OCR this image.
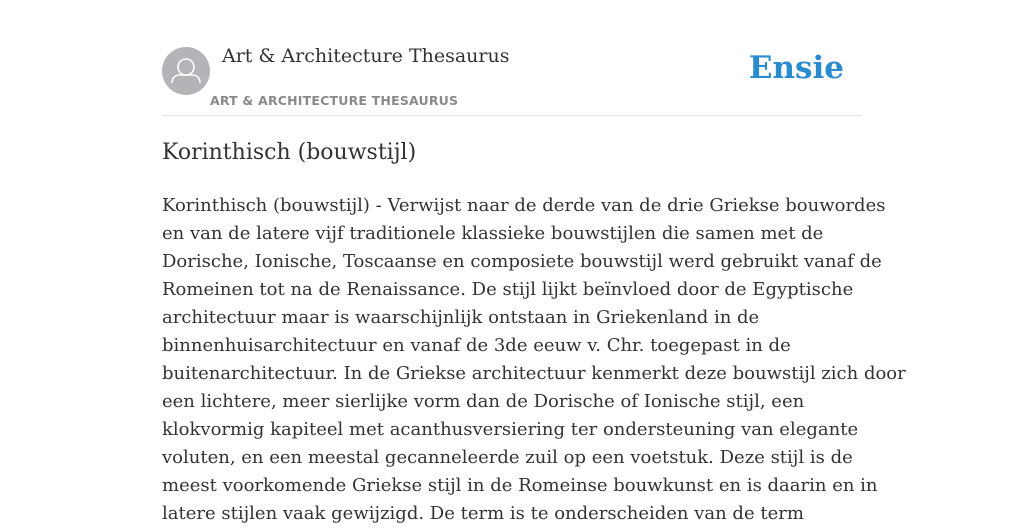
Art & Architecture Thesaurus
ART & ARCHITECTURE THESAURUS
Ensie
Korinthisch (bouwstijl)
Korinthisch (bouwstijl) - Verwijst naar de derde van de drie Griekse bouwordes
en van de latere vijf traditionele klassieke bouwstijlen die samen met de
Dorische, Ionische, Toscaanse en composiete bouwstijl werd gebruikt vanaf de
Romeinen tot na de Renaissance. De stijl lijkt beïnvloed door de Egyptische
architectuur maar is waarschijnlijk ontstaan in Griekenland in de
binnenhuisarchitectuur en vanaf de 3de eeuw v. Chr. toegepast in de
buitenarchitectuur. In de Griekse architectuur kenmerkt deze bouwstijl zich door
een lichtere, meer sierlijke vorm dan de Dorische of Ionische stijl, een
klokvormig kapiteel met acanthusversiering ter ondersteuning van elegante
voluten, en een meestal gecanneleerde zuil op een voetstuk. Deze stijl is de
meest voorkomende Griekse stijl in de Romeinse bouwkunst en is daarin en in
latere stijlen vaak gewijzigd. De term is te onderscheiden van de term
